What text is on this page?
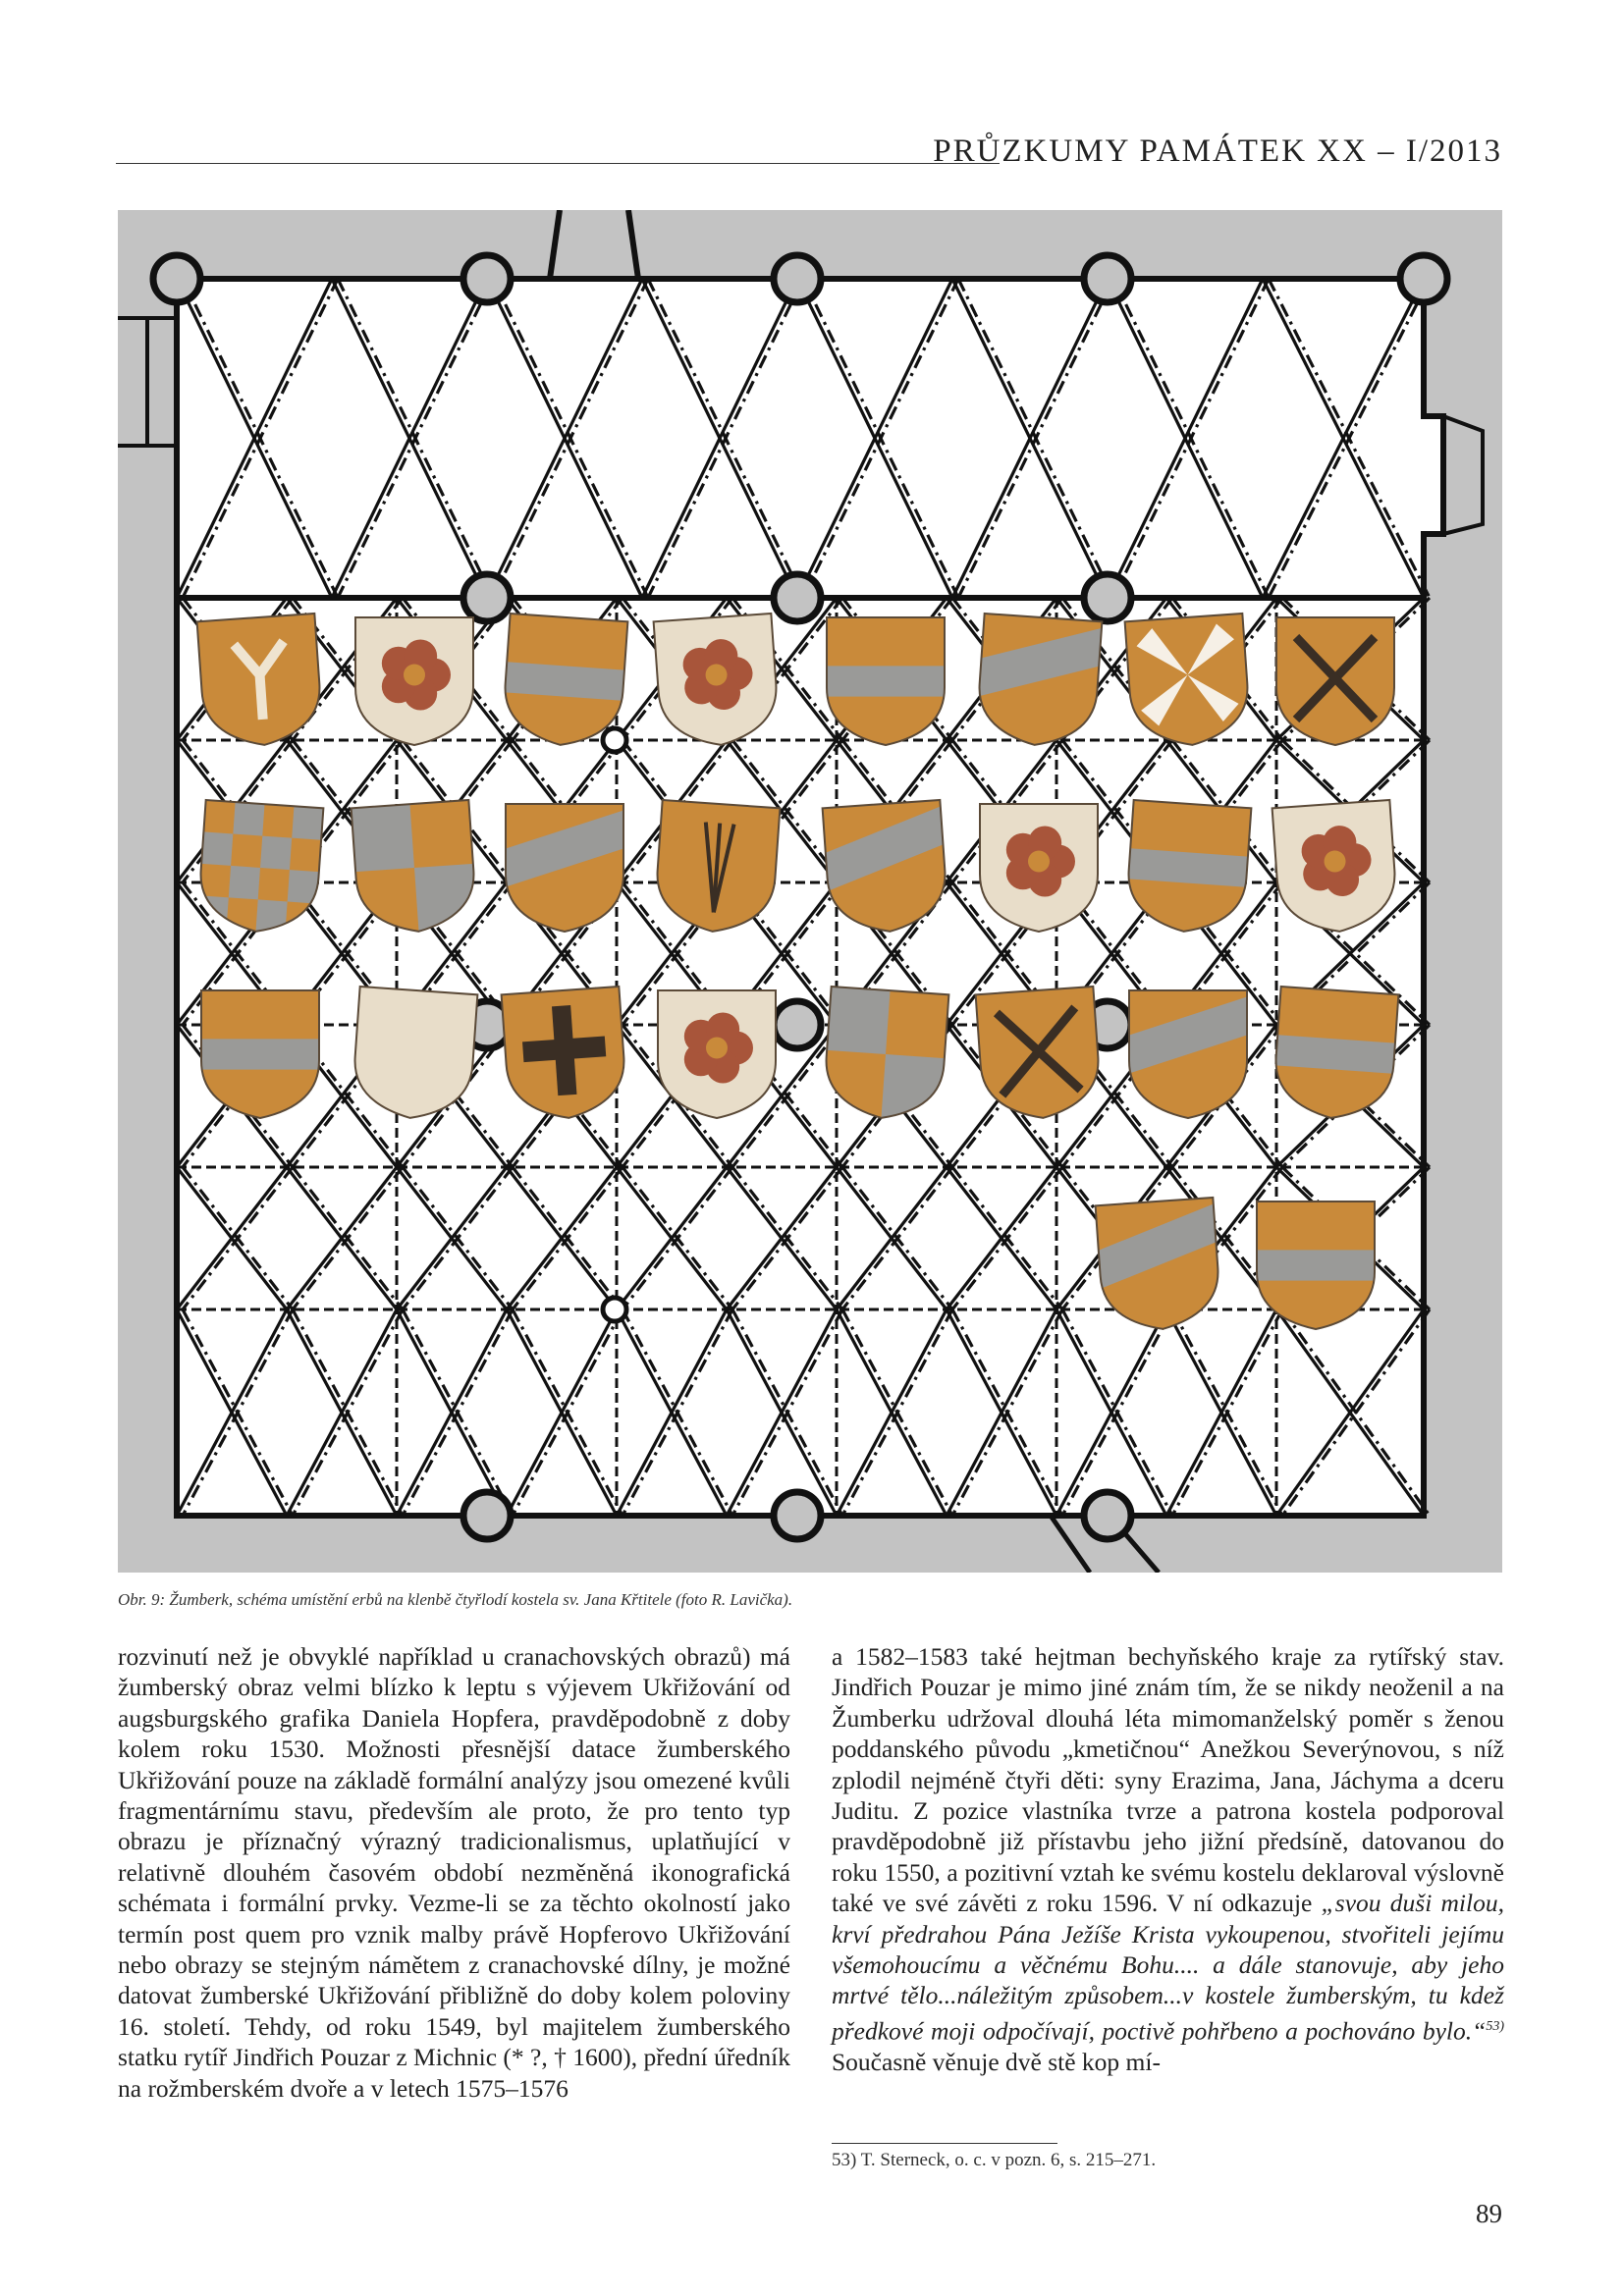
PRŮZKUMY PAMÁTEK XX – I/2013
Obr. 9: Žumberk, schéma umístění erbů na klenbě čtyřlodí kostela sv. Jana Křtitele (foto R. Lavička).

rozvinutí než je obvyklé například u cranachovských obrazů) má žumberský obraz velmi blízko k leptu s výjevem Ukřižování od augsburgského grafika Daniela Hopfera, pravděpodobně z doby kolem roku 1530. Možnosti přesnější datace žumberského Ukřižování pouze na základě formální analýzy jsou omezené kvůli fragmentárnímu stavu, především ale proto, že pro tento typ obrazu je příznačný výrazný tradicionalismus, uplatňující v relativně dlouhém časovém období nezměněná ikonografická schémata i formální prvky. Vezme-li se za těchto okolností jako termín post quem pro vznik malby právě Hopferovo Ukřižování nebo obrazy se stejným námětem z cranachovské dílny, je možné datovat žumberské Ukřižování přibližně do doby kolem poloviny 16. století. Tehdy, od roku 1549, byl majitelem žumberského statku rytíř Jindřich Pouzar z Michnic (* ?, † 1600), přední úředník na rožmberském dvoře a v letech 1575–1576

a 1582–1583 také hejtman bechyňského kraje za rytířský stav. Jindřich Pouzar je mimo jiné znám tím, že se nikdy neoženil a na Žumberku udržoval dlouhá léta mimomanželský poměr s ženou poddanského původu „kmetičnou“ Anežkou Severýnovou, s níž zplodil nejméně čtyři děti: syny Erazima, Jana, Jáchyma a dceru Juditu. Z pozice vlastníka tvrze a patrona kostela podporoval pravděpodobně již přístavbu jeho jižní předsíně, datovanou do roku 1550, a pozitivní vztah ke svému kostelu deklaroval výslovně také ve své závěti z roku 1596. V ní odkazuje „svou duši milou, krví předrahou Pána Ježíše Krista vykoupenou, stvořiteli jejímu všemohoucímu a věčnému Bohu.... a dále stanovuje, aby jeho mrtvé tělo...náležitým způsobem...v kostele žumberským, tu kdež předkové moji odpočívají, poctivě pohřbeno a pochováno bylo.“$^{53)}$ Současně věnuje dvě stě kop mí-

53) T. Sterneck, o. c. v pozn. 6, s. 215–271.
89
